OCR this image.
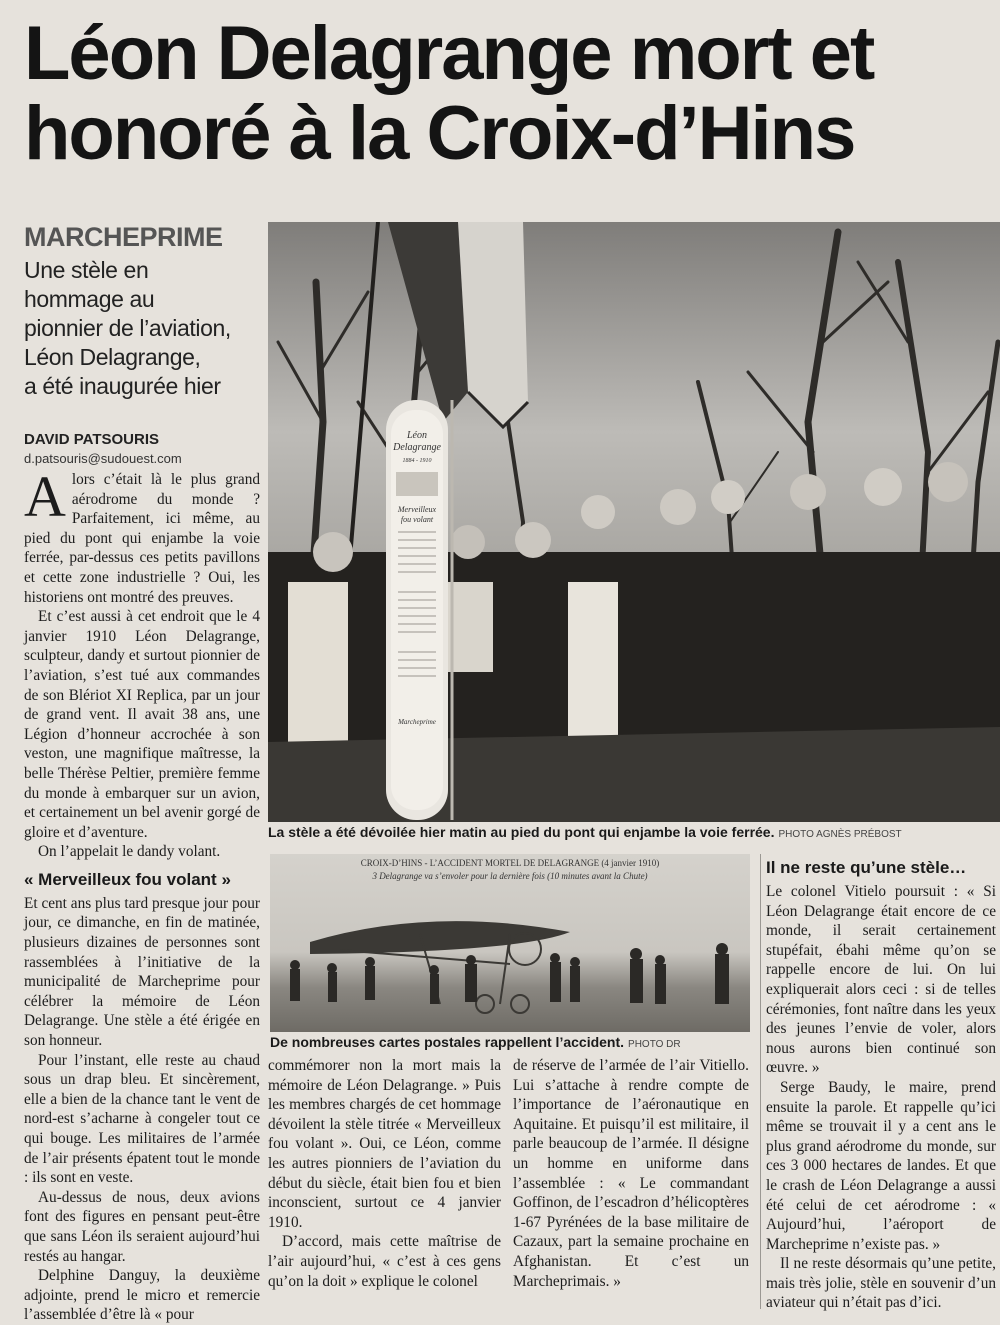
Léon Delagrange mort et
honoré à la Croix-d’Hins
MARCHEPRIME
Une stèle en
hommage au
pionnier de l’aviation,
Léon Delagrange,
a été inaugurée hier
DAVID PATSOURIS
d.patsouris@sudouest.com

Alors c’était là le plus grand aérodrome du monde ? Parfaitement, ici même, au pied du pont qui enjambe la voie ferrée, par-dessus ces petits pavillons et cette zone industrielle ? Oui, les historiens ont montré des preuves.

Et c’est aussi à cet endroit que le 4 janvier 1910 Léon Delagrange, sculpteur, dandy et surtout pionnier de l’aviation, s’est tué aux commandes de son Blériot XI Replica, par un jour de grand vent. Il avait 38 ans, une Légion d’honneur accrochée à son veston, une magnifique maîtresse, la belle Thérèse Peltier, première femme du monde à embarquer sur un avion, et certainement un bel avenir gorgé de gloire et d’aventure.

On l’appelait le dandy volant.

« Merveilleux fou volant »

Et cent ans plus tard presque jour pour jour, ce dimanche, en fin de matinée, plusieurs dizaines de personnes sont rassemblées à l’initiative de la municipalité de Marcheprime pour célébrer la mémoire de Léon Delagrange. Une stèle a été érigée en son honneur.

Pour l’instant, elle reste au chaud sous un drap bleu. Et sincèrement, elle a bien de la chance tant le vent de nord-est s’acharne à congeler tout ce qui bouge. Les militaires de l’armée de l’air présents épatent tout le monde : ils sont en veste.

Au-dessus de nous, deux avions font des figures en pensant peut-être que sans Léon ils seraient aujourd’hui restés au hangar.

Delphine Danguy, la deuxième adjointe, prend le micro et remercie l’assemblée d’être là « pour

Léon
Delagrange
1884 - 1910
Merveilleux
fou volant
Marcheprime
La stèle a été dévoilée hier matin au pied du pont qui enjambe la voie ferrée. PHOTO AGNÈS PRÉBOST
CROIX-D’HINS - L’ACCIDENT MORTEL DE DELAGRANGE (4 janvier 1910)
3 Delagrange va s’envoler pour la dernière fois (10 minutes avant la Chute)
De nombreuses cartes postales rappellent l’accident. PHOTO DR

commémorer non la mort mais la mémoire de Léon Delagrange. » Puis les membres chargés de cet hommage dévoilent la stèle titrée « Merveilleux fou volant ». Oui, ce Léon, comme les autres pionniers de l’aviation du début du siècle, était bien fou et bien inconscient, surtout ce 4 janvier 1910.

D’accord, mais cette maîtrise de l’air aujourd’hui, « c’est à ces gens qu’on la doit » explique le colonel

de réserve de l’armée de l’air Vitiello. Lui s’attache à rendre compte de l’importance de l’aéronautique en Aquitaine. Et puisqu’il est militaire, il parle beaucoup de l’armée. Il désigne un homme en uniforme dans l’assemblée : « Le commandant Goffinon, de l’escadron d’hélicoptères 1-67 Pyrénées de la base militaire de Cazaux, part la semaine prochaine en Afghanistan. Et c’est un Marcheprimais. »

Il ne reste qu’une stèle…

Le colonel Vitielo poursuit : « Si Léon Delagrange était encore de ce monde, il serait certainement stupéfait, ébahi même qu’on se rappelle encore de lui. On lui expliquerait alors ceci : si de telles cérémonies, font naître dans les yeux des jeunes l’envie de voler, alors nous aurons bien continué son œuvre. »

Serge Baudy, le maire, prend ensuite la parole. Et rappelle qu’ici même se trouvait il y a cent ans le plus grand aérodrome du monde, sur ces 3 000 hectares de landes. Et que le crash de Léon Delagrange a aussi été celui de cet aérodrome : « Aujourd’hui, l’aéroport de Marcheprime n’existe pas. »

Il ne reste désormais qu’une petite, mais très jolie, stèle en souvenir d’un aviateur qui n’était pas d’ici.
